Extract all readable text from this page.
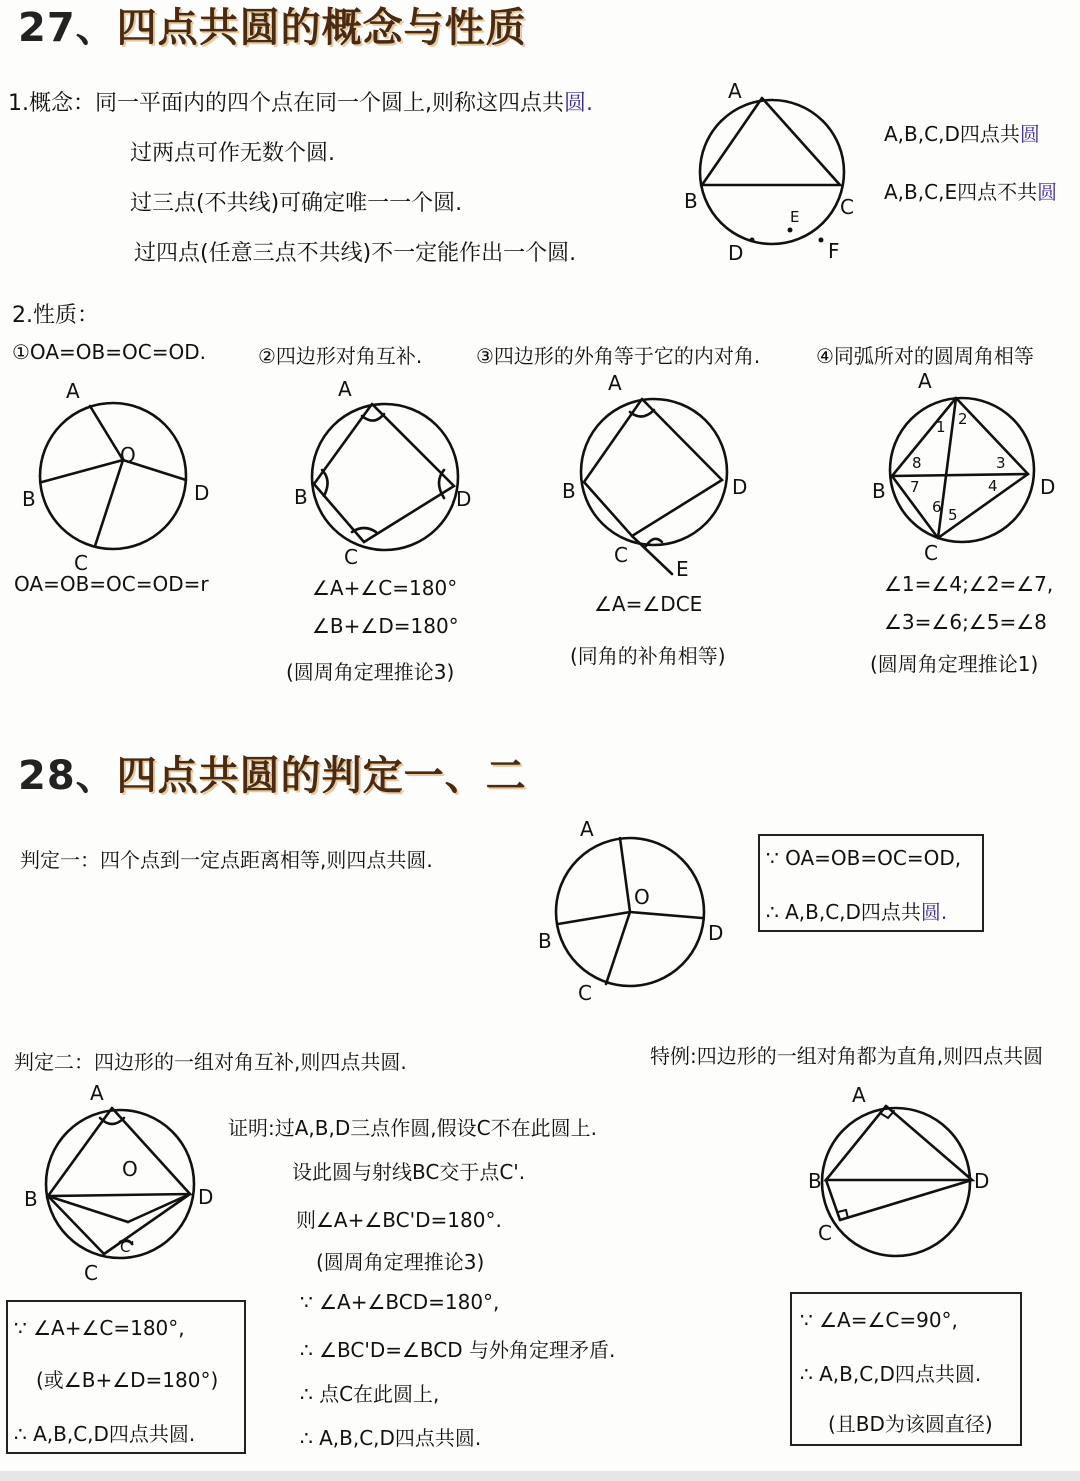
27、四点共圆的概念与性质
1.概念：同一平面内的四个点在同一个圆上,则称这四点共圆.
过两点可作无数个圆.
过三点(不共线)可确定唯一一个圆.
过四点(任意三点不共线)不一定能作出一个圆.
A
B	C
D
E
F
A,B,C,D四点共圆
A,B,C,E四点不共圆
2.性质：
①OA=OB=OC=OD.	②四边形对角互补.	③四边形的外角等于它的内对角.	④同弧所对的圆周角相等
A
B
C
D
O
OA=OB=OC=OD=r
A
B
C
D
∠A+∠C=180°
∠B+∠D=180°
(圆周角定理推论3)
A
B
C
D
E
∠A=∠DCE
(同角的补角相等)
1 2
3
4
5
6
7
8
A
B
C
D
∠1=∠4;∠2=∠7,
∠3=∠6;∠5=∠8
(圆周角定理推论1)
28、四点共圆的判定一、二
判定一：四个点到一定点距离相等,则四点共圆.
A
B
C
D
O
∵ OA=OB=OC=OD,
∴ A,B,C,D四点共圆.
判定二：四边形的一组对角互补,则四点共圆.	特例:四边形的一组对角都为直角,则四点共圆
A
B
C
D
O
C'
证明:过A,B,D三点作圆,假设C不在此圆上.
设此圆与射线BC交于点C'.
则∠A+∠BC'D=180°.
(圆周角定理推论3)
∵ ∠A+∠BCD=180°,
∴ ∠BC'D=∠BCD 与外角定理矛盾.
∴ 点C在此圆上,
∴ A,B,C,D四点共圆.
∵ ∠A+∠C=180°,
(或∠B+∠D=180°)
∴ A,B,C,D四点共圆.
A
B
C
D
∵ ∠A=∠C=90°,
∴ A,B,C,D四点共圆.
(且BD为该圆直径)
